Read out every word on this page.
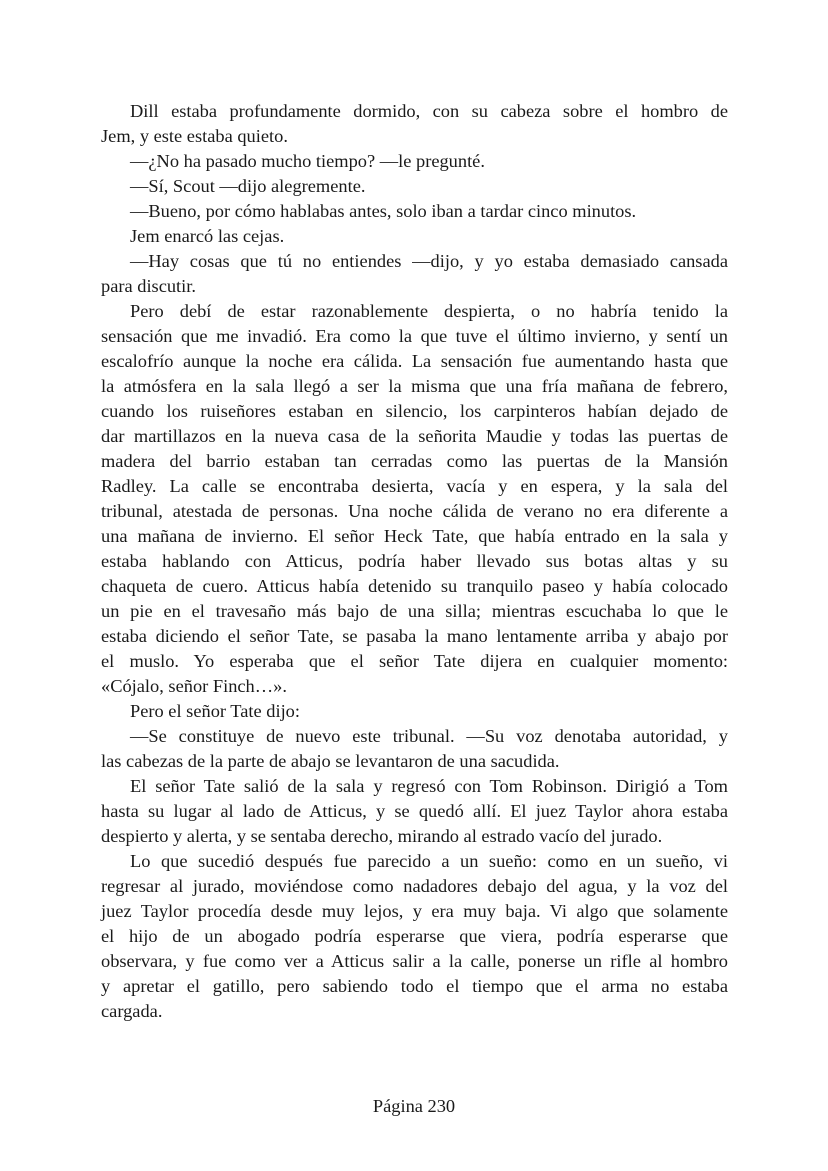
Dill estaba profundamente dormido, con su cabeza sobre el hombro de
Jem, y este estaba quieto.
—¿No ha pasado mucho tiempo? —le pregunté.
—Sí, Scout —dijo alegremente.
—Bueno, por cómo hablabas antes, solo iban a tardar cinco minutos.
Jem enarcó las cejas.
—Hay cosas que tú no entiendes —dijo, y yo estaba demasiado cansada
para discutir.
Pero debí de estar razonablemente despierta, o no habría tenido la
sensación que me invadió. Era como la que tuve el último invierno, y sentí un
escalofrío aunque la noche era cálida. La sensación fue aumentando hasta que
la atmósfera en la sala llegó a ser la misma que una fría mañana de febrero,
cuando los ruiseñores estaban en silencio, los carpinteros habían dejado de
dar martillazos en la nueva casa de la señorita Maudie y todas las puertas de
madera del barrio estaban tan cerradas como las puertas de la Mansión
Radley. La calle se encontraba desierta, vacía y en espera, y la sala del
tribunal, atestada de personas. Una noche cálida de verano no era diferente a
una mañana de invierno. El señor Heck Tate, que había entrado en la sala y
estaba hablando con Atticus, podría haber llevado sus botas altas y su
chaqueta de cuero. Atticus había detenido su tranquilo paseo y había colocado
un pie en el travesaño más bajo de una silla; mientras escuchaba lo que le
estaba diciendo el señor Tate, se pasaba la mano lentamente arriba y abajo por
el muslo. Yo esperaba que el señor Tate dijera en cualquier momento:
«Cójalo, señor Finch…».
Pero el señor Tate dijo:
—Se constituye de nuevo este tribunal. —Su voz denotaba autoridad, y
las cabezas de la parte de abajo se levantaron de una sacudida.
El señor Tate salió de la sala y regresó con Tom Robinson. Dirigió a Tom
hasta su lugar al lado de Atticus, y se quedó allí. El juez Taylor ahora estaba
despierto y alerta, y se sentaba derecho, mirando al estrado vacío del jurado.
Lo que sucedió después fue parecido a un sueño: como en un sueño, vi
regresar al jurado, moviéndose como nadadores debajo del agua, y la voz del
juez Taylor procedía desde muy lejos, y era muy baja. Vi algo que solamente
el hijo de un abogado podría esperarse que viera, podría esperarse que
observara, y fue como ver a Atticus salir a la calle, ponerse un rifle al hombro
y apretar el gatillo, pero sabiendo todo el tiempo que el arma no estaba
cargada.
Página 230
